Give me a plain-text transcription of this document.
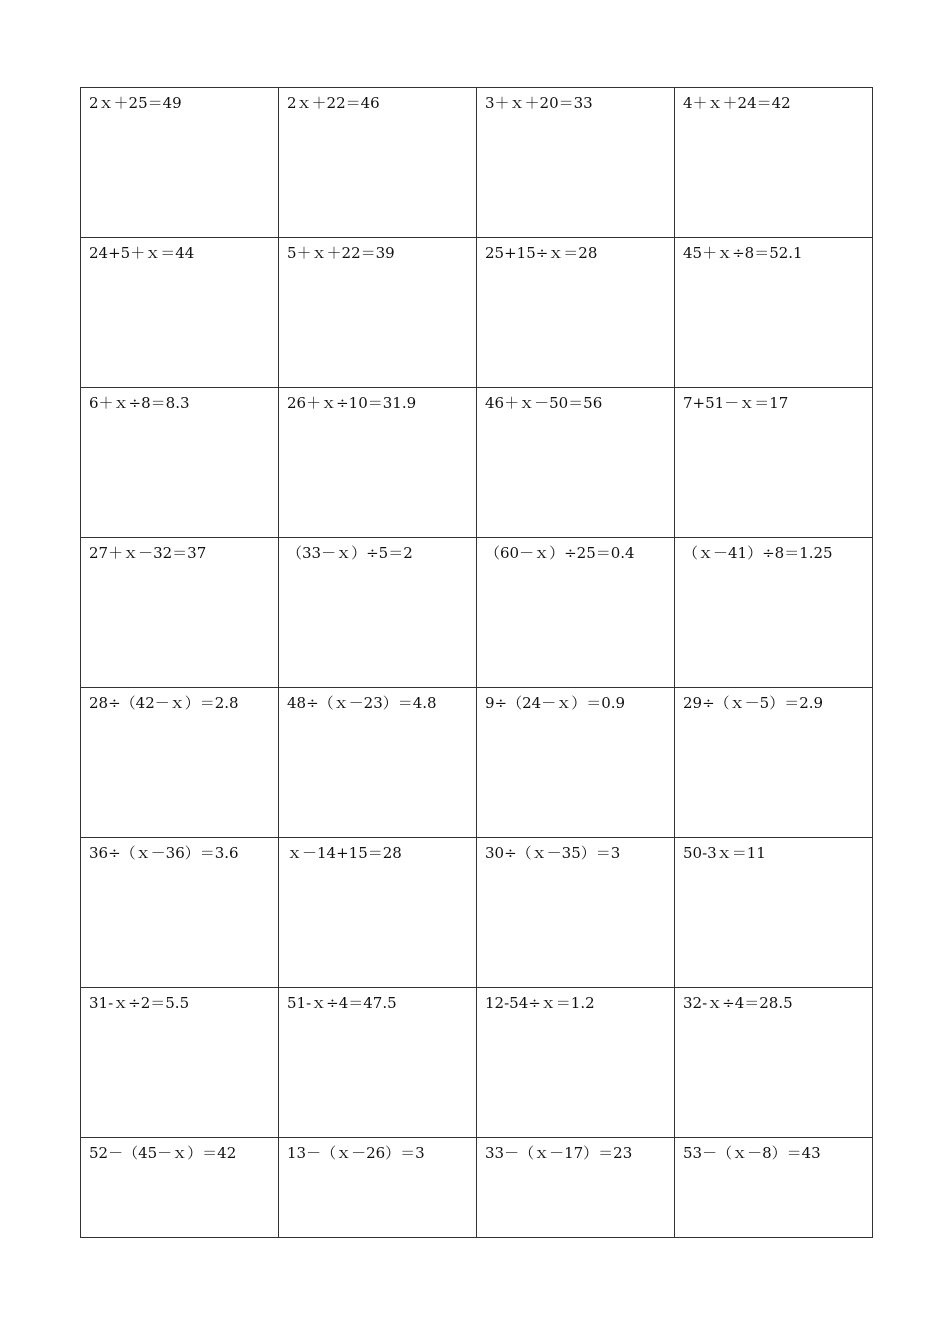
2ｘ＋25＝49	2ｘ＋22＝46	3＋ｘ＋20＝33	4＋ｘ＋24＝42

24+5＋ｘ＝44	5＋ｘ＋22＝39	25+15÷ｘ＝28	45＋ｘ÷8＝52.1

6＋ｘ÷8＝8.3	26＋ｘ÷10＝31.9	46＋ｘ－50＝56	7+51－ｘ＝17

27＋ｘ－32＝37	（33－ｘ）÷5＝2	（60－ｘ）÷25＝0.4	（ｘ－41）÷8＝1.25

28÷（42－ｘ）＝2.8	48÷（ｘ－23）＝4.8	9÷（24－ｘ）＝0.9	29÷（ｘ－5）＝2.9

36÷（ｘ－36）＝3.6	ｘ－14+15＝28	30÷（ｘ－35）＝3	50-3ｘ＝11

31-ｘ÷2＝5.5	51-ｘ÷4＝47.5	12-54÷ｘ＝1.2	32-ｘ÷4＝28.5

52－（45－ｘ）＝42	13－（ｘ－26）＝3	33－（ｘ－17）＝23	53－（ｘ－8）＝43
